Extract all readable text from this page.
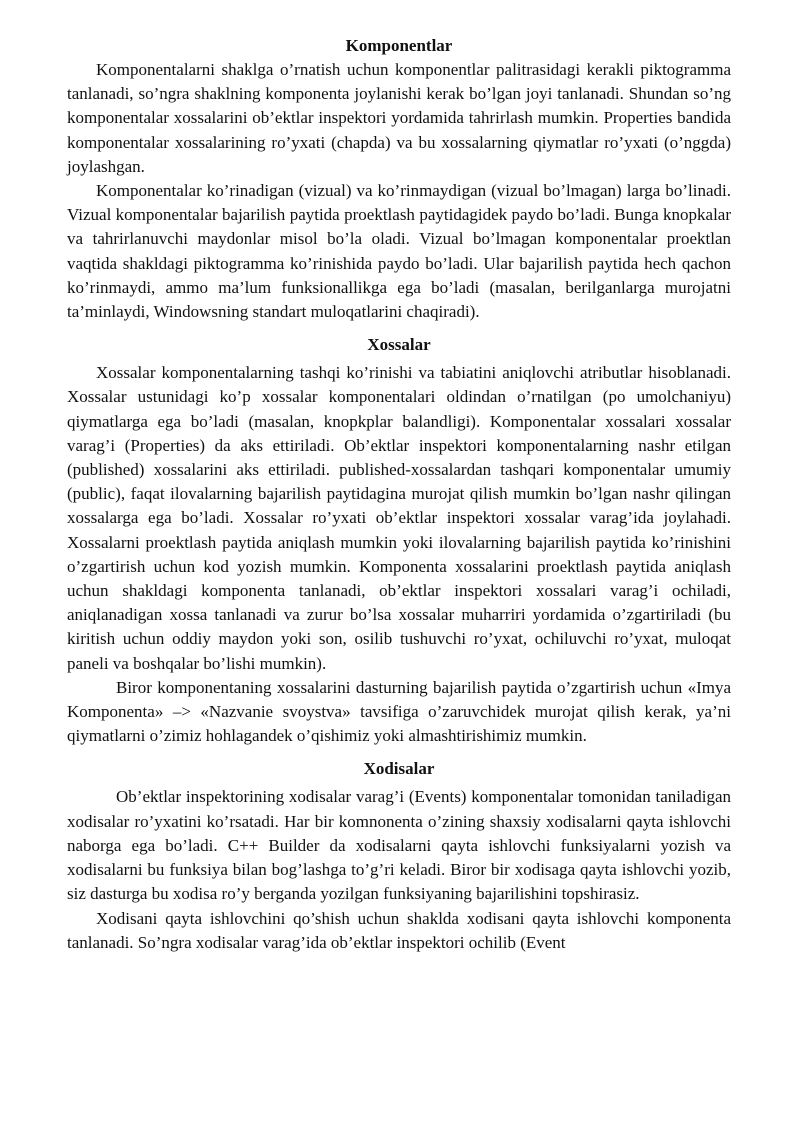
Komponentlar

Komponentalarni shaklga o’rnatish uchun komponentlar palitrasidagi kerakli piktogramma tanlanadi, so’ngra shaklning komponenta joylanishi kerak bo’lgan joyi tanlanadi. Shundan so’ng komponentalar xossalarini ob’ektlar inspektori yordamida tahrirlash mumkin. Properties bandida komponentalar xossalarining ro’yxati (chapda) va bu xossalarning qiymatlar ro’yxati (o’nggda) joylashgan.

Komponentalar ko’rinadigan (vizual) va ko’rinmaydigan (vizual bo’lmagan) larga bo’linadi. Vizual komponentalar bajarilish paytida proektlash paytidagidek paydo bo’ladi. Bunga knopkalar va tahrirlanuvchi maydonlar misol bo’la oladi. Vizual bo’lmagan komponentalar proektlan vaqtida shakldagi piktogramma ko’rinishida paydo bo’ladi. Ular bajarilish paytida hech qachon ko’rinmaydi, ammo ma’lum funksionallikga ega bo’ladi (masalan, berilganlarga murojatni ta’minlaydi, Windowsning standart muloqatlarini chaqiradi).

Xossalar

Xossalar komponentalarning tashqi ko’rinishi va tabiatini aniqlovchi atributlar hisoblanadi. Xossalar ustunidagi ko’p xossalar komponentalari oldindan o’rnatilgan (po umolchaniyu) qiymatlarga ega bo’ladi (masalan, knopkplar balandligi). Komponentalar xossalari xossalar varag’i (Properties) da aks ettiriladi. Ob’ektlar inspektori komponentalarning nashr etilgan (published) xossalarini aks ettiriladi. published-xossalardan tashqari komponentalar umumiy (public), faqat ilovalarning bajarilish paytidagina murojat qilish mumkin bo’lgan nashr qilingan xossalarga ega bo’ladi. Xossalar ro’yxati ob’ektlar inspektori xossalar varag’ida joylahadi. Xossalarni proektlash paytida aniqlash mumkin yoki ilovalarning bajarilish paytida ko’rinishini o’zgartirish uchun kod yozish mumkin. Komponenta xossalarini proektlash paytida aniqlash uchun shakldagi komponenta tanlanadi, ob’ektlar inspektori xossalari varag’i ochiladi, aniqlanadigan xossa tanlanadi va zurur bo’lsa xossalar muharriri yordamida o’zgartiriladi (bu kiritish uchun oddiy maydon yoki son, osilib tushuvchi ro’yxat, ochiluvchi ro’yxat, muloqat paneli va boshqalar bo’lishi mumkin).

Biror komponentaning xossalarini dasturning bajarilish paytida o’zgartirish uchun «Imya Komponenta» –> «Nazvanie svoystva» tavsifiga o’zaruvchidek murojat qilish kerak, ya’ni qiymatlarni o’zimiz hohlagandek o’qishimiz yoki almashtirishimiz mumkin.

Xodisalar

Ob’ektlar inspektorining xodisalar varag’i (Events) komponentalar tomonidan taniladigan xodisalar ro’yxatini ko’rsatadi. Har bir komnonenta o’zining shaxsiy xodisalarni qayta ishlovchi naborga ega bo’ladi. C++ Builder da xodisalarni qayta ishlovchi funksiyalarni yozish va xodisalarni bu funksiya bilan bog’lashga to’g’ri keladi. Biror bir xodisaga qayta ishlovchi yozib, siz dasturga bu xodisa ro’y berganda yozilgan funksiyaning bajarilishini topshirasiz.

Xodisani qayta ishlovchini qo’shish uchun shaklda xodisani qayta ishlovchi komponenta tanlanadi. So’ngra xodisalar varag’ida ob’ektlar inspektori ochilib (Event
